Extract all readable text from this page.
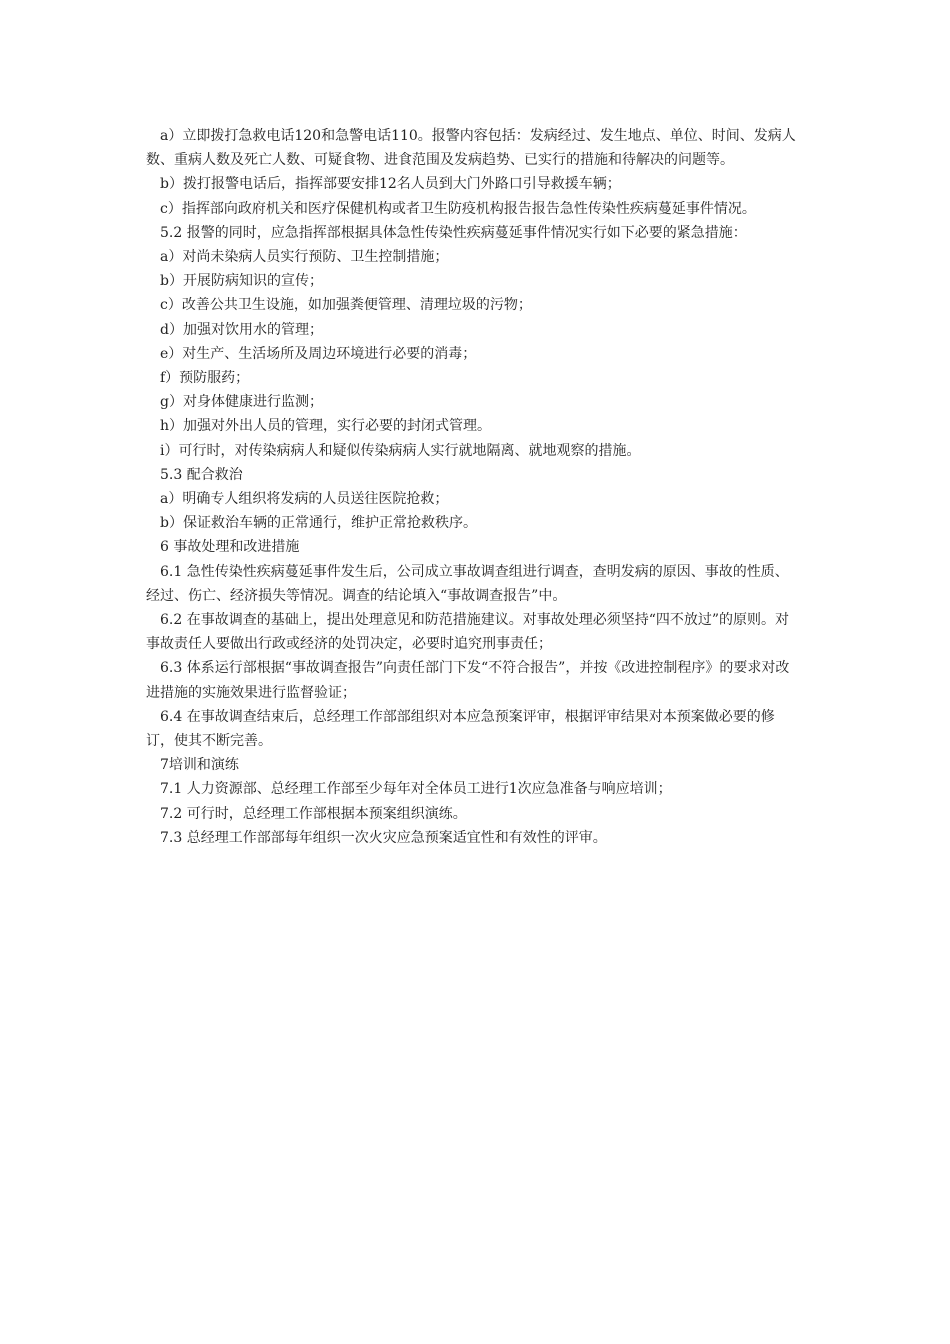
a）立即拨打急救电话120和急警电话110。报警内容包括：发病经过、发生地点、单位、时间、发病人数、重病人数及死亡人数、可疑食物、进食范围及发病趋势、已实行的措施和待解决的问题等。

b）拨打报警电话后，指挥部要安排12名人员到大门外路口引导救援车辆；

c）指挥部向政府机关和医疗保健机构或者卫生防疫机构报告报告急性传染性疾病蔓延事件情况。

5.2 报警的同时，应急指挥部根据具体急性传染性疾病蔓延事件情况实行如下必要的紧急措施：

a）对尚未染病人员实行预防、卫生控制措施；

b）开展防病知识的宣传；

c）改善公共卫生设施，如加强粪便管理、清理垃圾的污物；

d）加强对饮用水的管理；

e）对生产、生活场所及周边环境进行必要的消毒；

f）预防服药；

g）对身体健康进行监测；

h）加强对外出人员的管理，实行必要的封闭式管理。

i）可行时，对传染病病人和疑似传染病病人实行就地隔离、就地观察的措施。

5.3 配合救治

a）明确专人组织将发病的人员送往医院抢救；

b）保证救治车辆的正常通行，维护正常抢救秩序。

6 事故处理和改进措施

6.1 急性传染性疾病蔓延事件发生后，公司成立事故调查组进行调查，查明发病的原因、事故的性质、经过、伤亡、经济损失等情况。调查的结论填入“事故调查报告”中。

6.2 在事故调查的基础上，提出处理意见和防范措施建议。对事故处理必须坚持“四不放过”的原则。对事故责任人要做出行政或经济的处罚决定，必要时追究刑事责任；

6.3 体系运行部根据“事故调查报告”向责任部门下发“不符合报告”，并按《改进控制程序》的要求对改进措施的实施效果进行监督验证；

6.4 在事故调查结束后，总经理工作部部组织对本应急预案评审，根据评审结果对本预案做必要的修订，使其不断完善。

7培训和演练

7.1 人力资源部、总经理工作部至少每年对全体员工进行1次应急准备与响应培训；

7.2 可行时，总经理工作部根据本预案组织演练。

7.3 总经理工作部部每年组织一次火灾应急预案适宜性和有效性的评审。
